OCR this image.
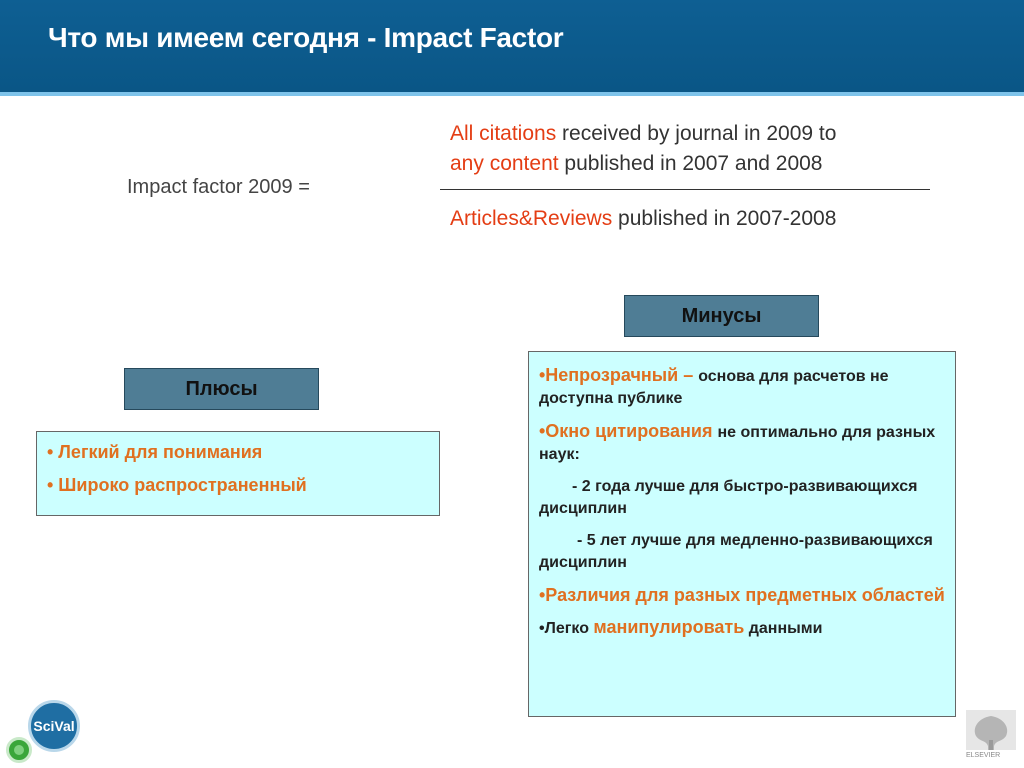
Что мы имеем сегодня - Impact Factor
Impact factor 2009 =
All citations received by journal in 2009 to
any content published in 2007 and 2008
Articles&Reviews published in 2007-2008
Плюсы
• Легкий для понимания
• Широко распространенный
Минусы
•Непрозрачный – основа для расчетов не доступна публике
•Окно цитирования не оптимально для разных наук:
- 2 года лучше для быстро-развивающихся дисциплин
- 5 лет лучше для медленно-развивающихся дисциплин
•Различия для разных предметных областей
•Легко манипулировать данными
SciVal
ELSEVIER
